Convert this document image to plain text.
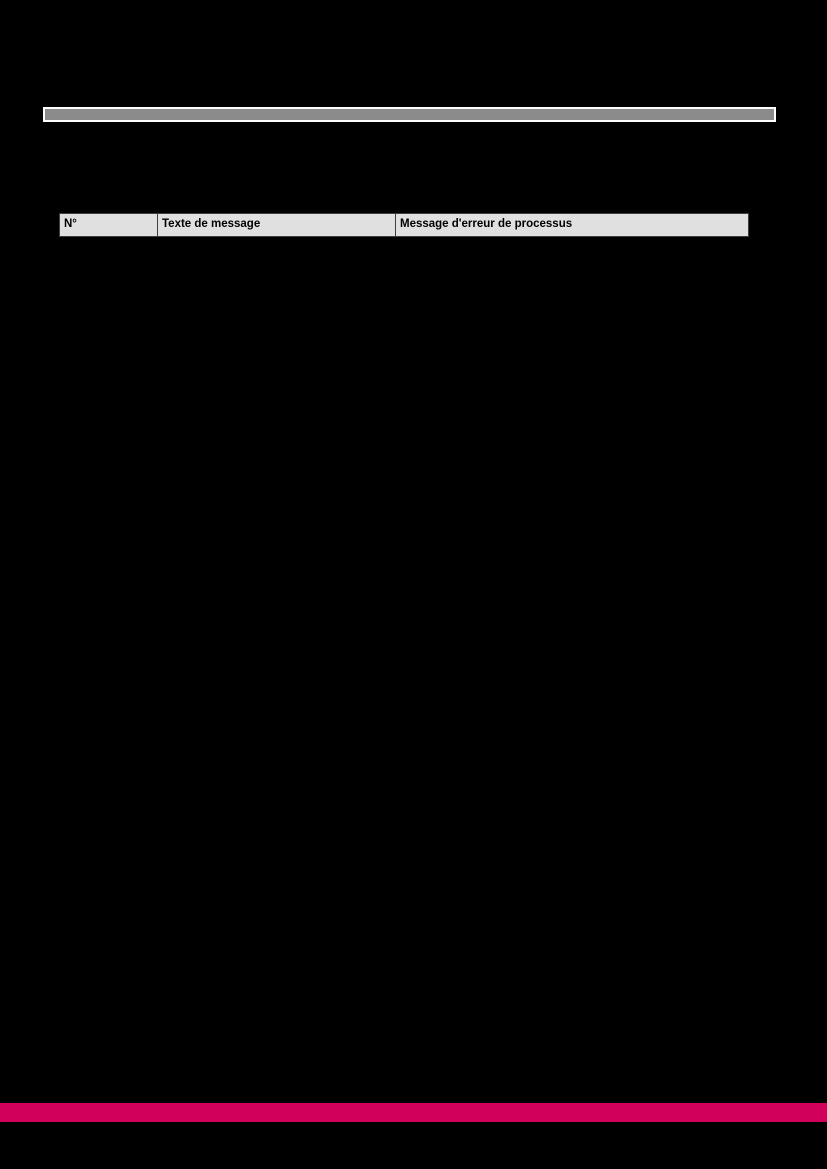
N°	Texte de message	Message d'erreur de processus
